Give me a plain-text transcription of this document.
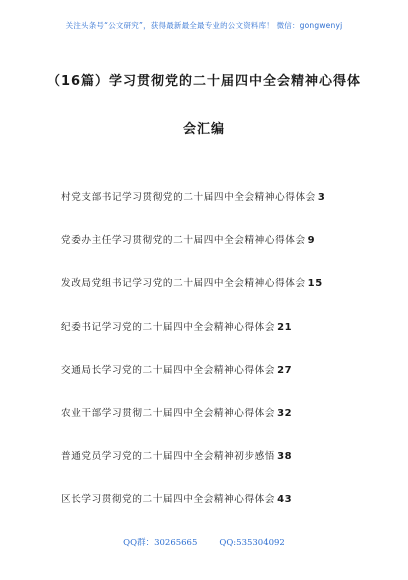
关注头条号“公文研究”，获得最新最全最专业的公文资料库！ 微信：gongwenyj
（16篇）学习贯彻党的二十届四中全会精神心得体
会汇编
村党支部书记学习贯彻党的二十届四中全会精神心得体会 3
党委办主任学习贯彻党的二十届四中全会精神心得体会 9
发改局党组书记学习党的二十届四中全会精神心得体会 15
纪委书记学习党的二十届四中全会精神心得体会 21
交通局长学习党的二十届四中全会精神心得体会 27
农业干部学习贯彻二十届四中全会精神心得体会 32
普通党员学习党的二十届四中全会精神初步感悟 38
区长学习贯彻党的二十届四中全会精神心得体会 43
QQ群：30265665	QQ:535304092
